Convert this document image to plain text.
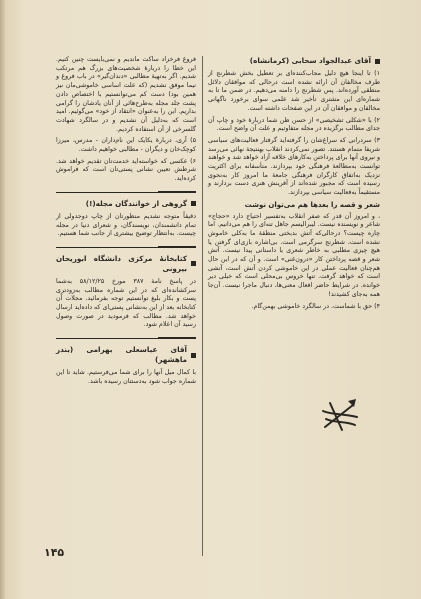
آقای عبدالجواد سحابی (کرمانشاه)
۱) تا اینجا هیچ دلیل مجاب‌کننده‌ای بر تعطیل بخش شطرنج از طرف مخالفان آن ارائه نشده است درحالی که موافقان دلائل منطقی آورده‌اند. پس شطرنج را دامنه می‌دهیم. در ضمن ما تا به شماره‌ای این مشتری تأخیر شد علمی سوای برخورد ناگهانی مخالفان و موافقان آن در این صفحات داشته است.
۲) با «شکلی تشخیصی» از حسن ظن شما دربارهٔ خود و چاپ آن جدای مطالب برگزیده در مجله متفاوتیم و علت آن واضح است.
۳) سردرانی که سراغ‌شان را گرفته‌اید گرفتار فعالیت‌های سیاسی شریفا متمام هستند. تصور نمی‌کردند انقلاب بهنتیجهٔ نهائی می‌رسد و نیروی آنها برای پرداختن به‌کارهای خلاقه آزاد خواهد شد و خواهند توانست به‌مطالعهٔ فرهنگی خود بپردازند. متأسفانه برای اکثریت نزدیک به‌اتفاق کارگران فرهنگی جامعهٔ ما امروز کار به‌نحوی رسیده است که مجبور شده‌اند از آفرینش هنری دست بردارند و مستقیماً به‌فعالیت سیاسی بپردازند.
شعر و قصه را بعدها هم می‌توان نوشت
، و امروز آن قدر که صفر انقلاب به‌تفسیر احتیاج دارد «حجاج» شاعر و نویسنده نیست. لیبرالیسم جاهل تنه‌ای را هم می‌دانیم. اما چاره چیست؟ درحالی‌که آتش بدبختی منطقهٔ ما به‌کلی خاموش نشده است، شطرنج سرگرمی است. بی‌اشاره بازی‌ای گرفتن یا هیچ چیزی مطلبی به خاطر شعری یا داستانی پیدا نیست. آتش شعر و قصه پرداختن کار «درون‌غنی» است. و آن که در این حال هم‌چنان فعالیت عملی در این خاموشی کردن آتش است، آتشی است که خواهد گرفت. تنها خروس بی‌محلی است که خیلی دیر خوانده. در شرایط حاضر افعال معنی‌ها، دنبال ماجرا نیست. آن‌جا همه به‌جای کشیدند!
۴) حق با شماست. در سالگرد خاموشی بهمن‌گام.
فروغ فرخزاد ساکت ماندیم و نمی‌بایست چنین کنیم. این خطا را دربارهٔ شخصیت‌های بزرگ هم مرتکب شدیم. اگر به‌تهیهٔ مطالبی «دندان‌گیر» در باب فروغ و نیما موفق نشدیم (که علت اساسی خاموشی‌مان نیز همین بود) دست کم می‌توانستیم با اختصاص دادن پشت جلد مجله به‌طرح‌هائی از آنان یادشان را گرامی بداریم. این را به‌عنوان «انتقاد از خود» می‌گوئیم. امید است که به‌دلیل آن نشدیم و در سالگرد شهادت گلسرخی از آن استفاده کردیم.
۵) آری، دربارهٔ یکایک این نام‌داران - مدرس، میرزا کوچک‌خان و دیگران - مطالبی خواهیم داشت.
۶) عکسی که خواسته‌اید خدمت‌تان تقدیم خواهد شد. شرطش تعیین نشانی پستی‌تان است که فراموش کرده‌اید.
گروهی از خوانندگان مجله(!)
دقیقاً متوجه نشدیم منظورتان از چاپ دوجدولی از تمام دانشمندان، نویسندگان، و شعرای دنیا در مجله چیست. به‌انتظار توضیح بیشتری از جانب شما هستیم.
کتابخانهٔ مرکزی دانشگاه ابوریحان بیرونی
در پاسخ نامهٔ ۳۸۷ مورخ ۵۸/۱۲/۲۵ به‌شما سرکشانده‌ای که در این شماره مطالب به‌زودتری پست و بکار بلیغ توانستیم توجه بفرمائید. مجلات آن کتابخانه بعد از این به‌نشانی پستی‌ای که داده‌اید ارسال خواهد شد. مطالب که فرمودید در صورت وصول رسید آن اعلام شود.
آقای عباسعلی بهرامی (بندر ماهشهر)
با کمال میل آنها را برای شما می‌فرستیم. شاید تا این شماره جواب شود به‌دستتان رسیده باشد.
۱۴۵
